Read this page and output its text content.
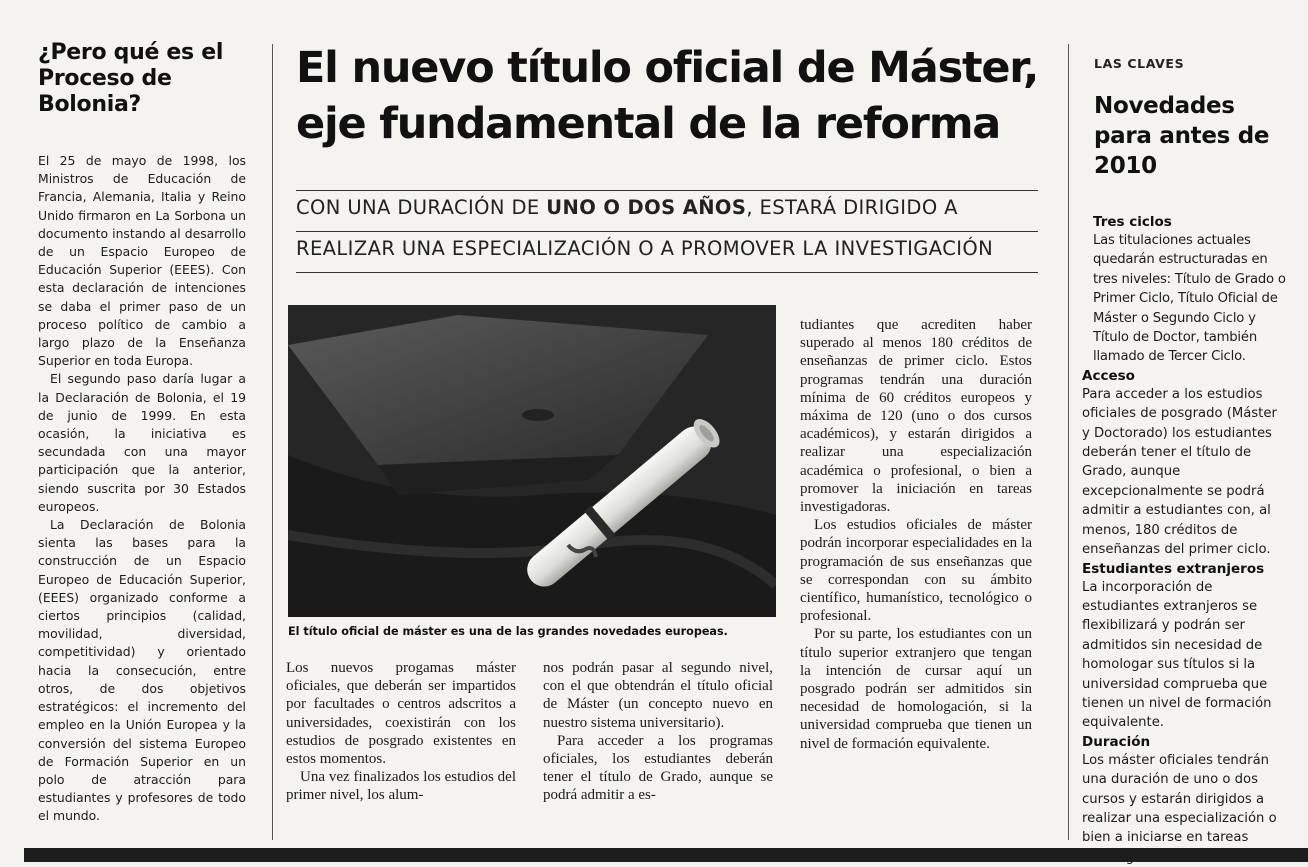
¿Pero qué es el Proceso de Bolonia?

El 25 de mayo de 1998, los Ministros de Educación de Francia, Alemania, Italia y Reino Unido firmaron en La Sorbona un documento instando al desarrollo de un Espacio Europeo de Educación Superior (EEES). Con esta declaración de intenciones se daba el primer paso de un proceso político de cambio a largo plazo de la Enseñanza Superior en toda Europa.

El segundo paso daría lugar a la Declaración de Bolonia, el 19 de junio de 1999. En esta ocasión, la iniciativa es secundada con una mayor participación que la anterior, siendo suscrita por 30 Estados europeos.

La Declaración de Bolonia sienta las bases para la construcción de un Espacio Europeo de Educación Superior, (EEES) organizado conforme a ciertos principios (calidad, movilidad, diversidad, competitividad) y orientado hacia la consecución, entre otros, de dos objetivos estratégicos: el incremento del empleo en la Unión Europea y la conversión del sistema Europeo de Formación Superior en un polo de atracción para estudiantes y profesores de todo el mundo.

El nuevo título oficial de Máster, eje fundamental de la reforma
CON UNA DURACIÓN DE UNO O DOS AÑOS, ESTARÁ DIRIGIDO A
REALIZAR UNA ESPECIALIZACIÓN O A PROMOVER LA INVESTIGACIÓN

El título oficial de máster es una de las grandes novedades europeas.

Los nuevos progamas máster oficiales, que deberán ser impartidos por facultades o centros adscritos a universidades, coexistirán con los estudios de posgrado existentes en estos momentos.

Una vez finalizados los estudios del primer nivel, los alum-

nos podrán pasar al segundo nivel, con el que obtendrán el título oficial de Máster (un concepto nuevo en nuestro sistema universitario).

Para acceder a los programas oficiales, los estudiantes deberán tener el título de Grado, aunque se podrá admitir a es-

tudiantes que acrediten haber superado al menos 180 créditos de enseñanzas de primer ciclo. Estos programas tendrán una duración mínima de 60 créditos europeos y máxima de 120 (uno o dos cursos académicos), y estarán dirigidos a realizar una especialización académica o profesional, o bien a promover la iniciación en tareas investigadoras.

Los estudios oficiales de máster podrán incorporar especialidades en la programación de sus enseñanzas que se correspondan con su ámbito científico, humanístico, tecnológico o profesional.

Por su parte, los estudiantes con un título superior extranjero que tengan la intención de cursar aquí un posgrado podrán ser admitidos sin necesidad de homologación, si la universidad comprueba que tienen un nivel de formación equivalente.

LAS CLAVES
Novedades para antes de 2010

Tres ciclos

Las titulaciones actuales quedarán estructuradas en tres niveles: Título de Grado o Primer Ciclo, Título Oficial de Máster o Segundo Ciclo y Título de Doctor, también llamado de Tercer Ciclo.

Acceso

Para acceder a los estudios oficiales de posgrado (Máster y Doctorado) los estudiantes deberán tener el título de Grado, aunque excepcionalmente se podrá admitir a estudiantes con, al menos, 180 créditos de enseñanzas del primer ciclo.

Estudiantes extranjeros

La incorporación de estudiantes extranjeros se flexibilizará y podrán ser admitidos sin necesidad de homologar sus títulos si la universidad comprueba que tienen un nivel de formación equivalente.

Duración

Los máster oficiales tendrán una duración de uno o dos cursos y estarán dirigidos a realizar una especialización o bien a iniciarse en tareas
